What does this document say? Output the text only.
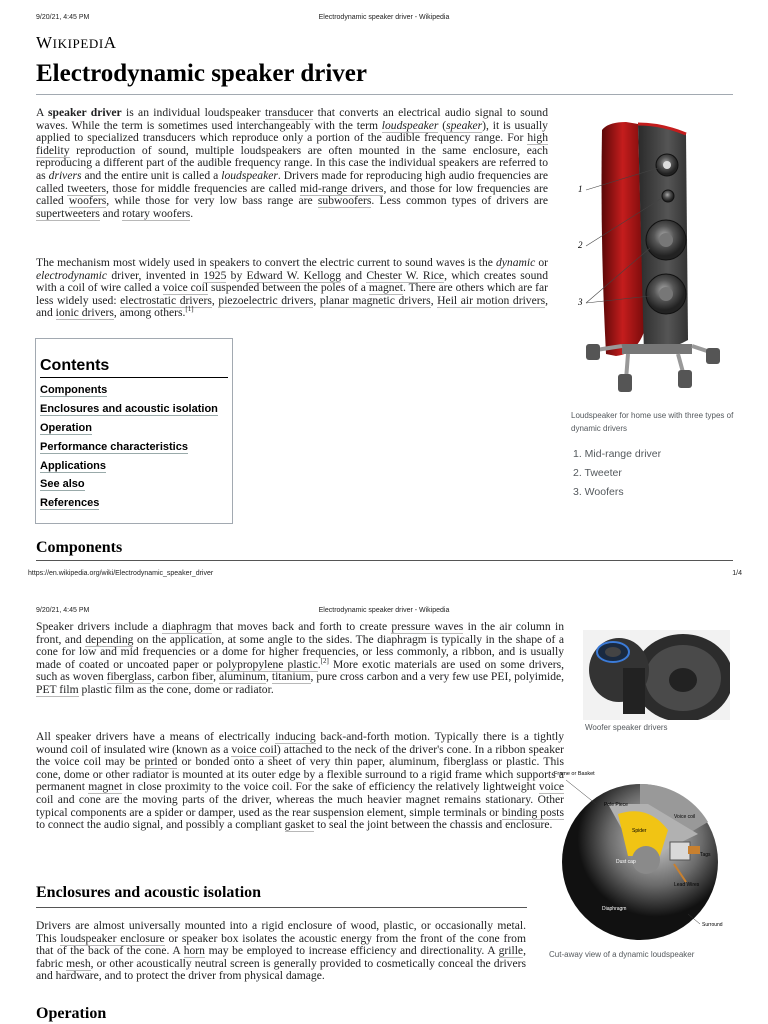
9/20/21, 4:45 PM	Electrodynamic speaker driver - Wikipedia
WIKIPEDIA
Electrodynamic speaker driver
A speaker driver is an individual loudspeaker transducer that converts an electrical audio signal to sound waves. While the term is sometimes used interchangeably with the term loudspeaker (speaker), it is usually applied to specialized transducers which reproduce only a portion of the audible frequency range. For high fidelity reproduction of sound, multiple loudspeakers are often mounted in the same enclosure, each reproducing a different part of the audible frequency range. In this case the individual speakers are referred to as drivers and the entire unit is called a loudspeaker. Drivers made for reproducing high audio frequencies are called tweeters, those for middle frequencies are called mid-range drivers, and those for low frequencies are called woofers, while those for very low bass range are subwoofers. Less common types of drivers are supertweeters and rotary woofers.
The mechanism most widely used in speakers to convert the electric current to sound waves is the dynamic or electrodynamic driver, invented in 1925 by Edward W. Kellogg and Chester W. Rice, which creates sound with a coil of wire called a voice coil suspended between the poles of a magnet. There are others which are far less widely used: electrostatic drivers, piezoelectric drivers, planar magnetic drivers, Heil air motion drivers, and ionic drivers, among others.[1]
Contents
Components
Enclosures and acoustic isolation
Operation
Performance characteristics
Applications
See also
References
1
2
3
Loudspeaker for home use with three types of dynamic drivers
1. Mid-range driver
2. Tweeter
3. Woofers
Components
https://en.wikipedia.org/wiki/Electrodynamic_speaker_driver	1/4
9/20/21, 4:45 PM	Electrodynamic speaker driver - Wikipedia
Speaker drivers include a diaphragm that moves back and forth to create pressure waves in the air column in front, and depending on the application, at some angle to the sides. The diaphragm is typically in the shape of a cone for low and mid frequencies or a dome for higher frequencies, or less commonly, a ribbon, and is usually made of coated or uncoated paper or polypropylene plastic.[2] More exotic materials are used on some drivers, such as woven fiberglass, carbon fiber, aluminum, titanium, pure cross carbon and a very few use PEI, polyimide, PET film plastic film as the cone, dome or radiator.
All speaker drivers have a means of electrically inducing back-and-forth motion. Typically there is a tightly wound coil of insulated wire (known as a voice coil) attached to the neck of the driver's cone. In a ribbon speaker the voice coil may be printed or bonded onto a sheet of very thin paper, aluminum, fiberglass or plastic. This cone, dome or other radiator is mounted at its outer edge by a flexible surround to a rigid frame which supports a permanent magnet in close proximity to the voice coil. For the sake of efficiency the relatively lightweight voice coil and cone are the moving parts of the driver, whereas the much heavier magnet remains stationary. Other typical components are a spider or damper, used as the rear suspension element, simple terminals or binding posts to connect the audio signal, and possibly a compliant gasket to seal the joint between the chassis and enclosure.
Woofer speaker drivers
Frame or Basket
Pole Piece
Voice coil
Spider
Tags
Dust cap
Lead Wires
Diaphragm
Surround
Cut-away view of a dynamic loudspeaker
Enclosures and acoustic isolation
Drivers are almost universally mounted into a rigid enclosure of wood, plastic, or occasionally metal. This loudspeaker enclosure or speaker box isolates the acoustic energy from the front of the cone from that of the back of the cone. A horn may be employed to increase efficiency and directionality. A grille, fabric mesh, or other acoustically neutral screen is generally provided to cosmetically conceal the drivers and hardware, and to protect the driver from physical damage.
Operation
